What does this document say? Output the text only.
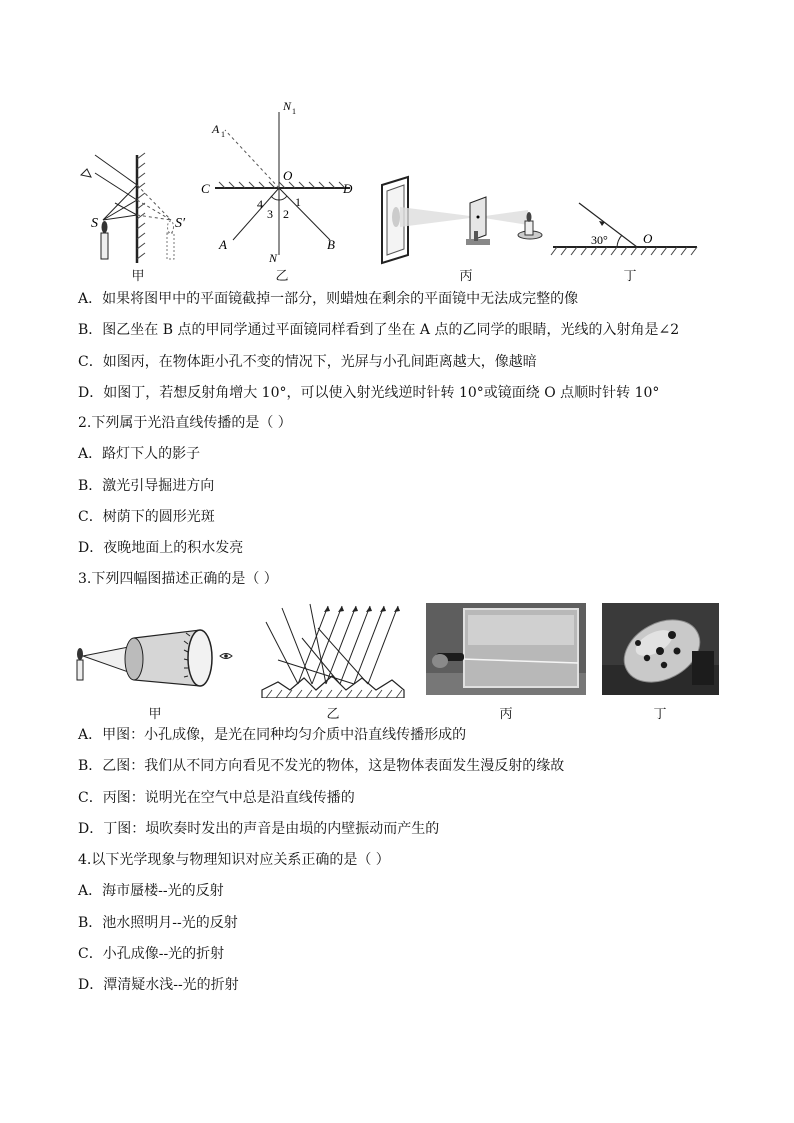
S	S′
甲
N 1
A 1
O
C	D
4
3 2
1
A	B
N
乙	丙
30°	O
丁
A．如果将图甲中的平面镜截掉一部分，则蜡烛在剩余的平面镜中无法成完整的像
B．图乙坐在 B 点的甲同学通过平面镜同样看到了坐在 A 点的乙同学的眼睛，光线的入射角是∠2
C．如图丙，在物体距小孔不变的情况下，光屏与小孔间距离越大，像越暗
D．如图丁，若想反射角增大 10°，可以使入射光线逆时针转 10°或镜面绕 O 点顺时针转 10°
2.下列属于光沿直线传播的是（ ）
A．路灯下人的影子
B．激光引导掘进方向
C．树荫下的圆形光斑
D．夜晚地面上的积水发亮
3.下列四幅图描述正确的是（ ）
甲	乙	丙	丁
A．甲图：小孔成像，是光在同种均匀介质中沿直线传播形成的
B．乙图：我们从不同方向看见不发光的物体，这是物体表面发生漫反射的缘故
C．丙图：说明光在空气中总是沿直线传播的
D．丁图：埙吹奏时发出的声音是由埙的内壁振动而产生的
4.以下光学现象与物理知识对应关系正确的是（ ）
A．海市蜃楼--光的反射
B．池水照明月--光的反射
C．小孔成像--光的折射
D．潭清疑水浅--光的折射
